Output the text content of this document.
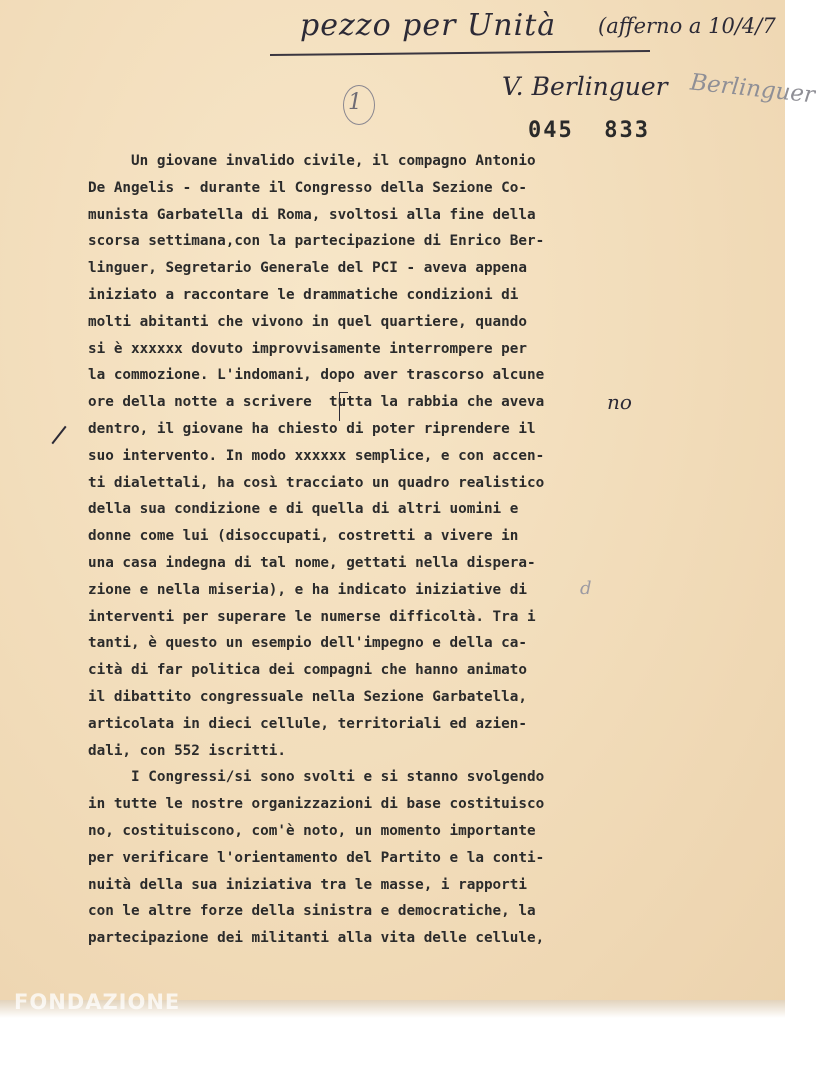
pezzo per Unità (afferno a 10/4/7
V. Berlinguer Berlinguer
1
045  833
Un giovane invalido civile, il compagno Antonio
De Angelis - durante il Congresso della Sezione Co-
munista Garbatella di Roma, svoltosi alla fine della
scorsa settimana,con la partecipazione di Enrico Ber-
linguer, Segretario Generale del PCI - aveva appena
iniziato a raccontare le drammatiche condizioni di
molti abitanti che vivono in quel quartiere, quando
si è xxxxxx dovuto improvvisamente interrompere per
la commozione. L'indomani, dopo aver trascorso alcune
ore della notte a scrivere  tutta la rabbia che aveva
dentro, il giovane ha chiesto di poter riprendere il
suo intervento. In modo xxxxxx semplice, e con accen-
ti dialettali, ha così tracciato un quadro realistico
della sua condizione e di quella di altri uomini e
donne come lui (disoccupati, costretti a vivere in
una casa indegna di tal nome, gettati nella dispera-
zione e nella miseria), e ha indicato iniziative di
interventi per superare le numerse difficoltà. Tra i
tanti, è questo un esempio dell'impegno e della ca-
cità di far politica dei compagni che hanno animato
il dibattito congressuale nella Sezione Garbatella,
articolata in dieci cellule, territoriali ed azien-
dali, con 552 iscritti.
I Congressi/si sono svolti e si stanno svolgendo
in tutte le nostre organizzazioni di base costituisco
no, costituiscono, com'è noto, un momento importante
per verificare l'orientamento del Partito e la conti-
nuità della sua iniziativa tra le masse, i rapporti
con le altre forze della sinistra e democratiche, la
partecipazione dei militanti alla vita delle cellule,
no
d
FONDAZIONE
